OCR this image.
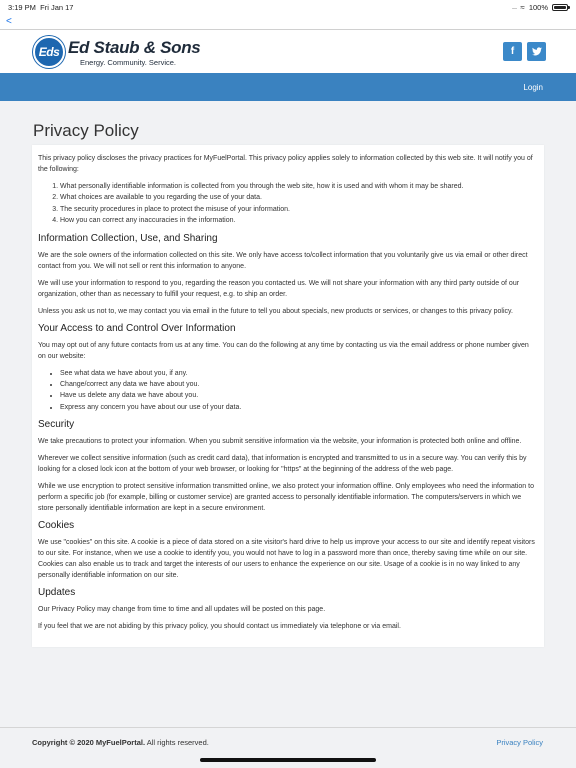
3:19 PM Fri Jan 17	..... ≈ 100%
<
Eds Ed Staub & Sons
Energy. Community. Service.
f
Login
Privacy Policy

This privacy policy discloses the privacy practices for MyFuelPortal. This privacy policy applies solely to information collected by this web site. It will notify you of the following:

1. What personally identifiable information is collected from you through the web site, how it is used and with whom it may be shared.
2. What choices are available to you regarding the use of your data.
3. The security procedures in place to protect the misuse of your information.
4. How you can correct any inaccuracies in the information.
Information Collection, Use, and Sharing

We are the sole owners of the information collected on this site. We only have access to/collect information that you voluntarily give us via email or other direct contact from you. We will not sell or rent this information to anyone.

We will use your information to respond to you, regarding the reason you contacted us. We will not share your information with any third party outside of our organization, other than as necessary to fulfill your request, e.g. to ship an order.

Unless you ask us not to, we may contact you via email in the future to tell you about specials, new products or services, or changes to this privacy policy.

Your Access to and Control Over Information

You may opt out of any future contacts from us at any time. You can do the following at any time by contacting us via the email address or phone number given on our website:

• See what data we have about you, if any.
• Change/correct any data we have about you.
• Have us delete any data we have about you.
• Express any concern you have about our use of your data.
Security

We take precautions to protect your information. When you submit sensitive information via the website, your information is protected both online and offline.

Wherever we collect sensitive information (such as credit card data), that information is encrypted and transmitted to us in a secure way. You can verify this by looking for a closed lock icon at the bottom of your web browser, or looking for "https" at the beginning of the address of the web page.

While we use encryption to protect sensitive information transmitted online, we also protect your information offline. Only employees who need the information to perform a specific job (for example, billing or customer service) are granted access to personally identifiable information. The computers/servers in which we store personally identifiable information are kept in a secure environment.

Cookies

We use "cookies" on this site. A cookie is a piece of data stored on a site visitor's hard drive to help us improve your access to our site and identify repeat visitors to our site. For instance, when we use a cookie to identify you, you would not have to log in a password more than once, thereby saving time while on our site. Cookies can also enable us to track and target the interests of our users to enhance the experience on our site. Usage of a cookie is in no way linked to any personally identifiable information on our site.

Updates

Our Privacy Policy may change from time to time and all updates will be posted on this page.

If you feel that we are not abiding by this privacy policy, you should contact us immediately via telephone or via email.

Copyright © 2020 MyFuelPortal. All rights reserved.	Privacy Policy
